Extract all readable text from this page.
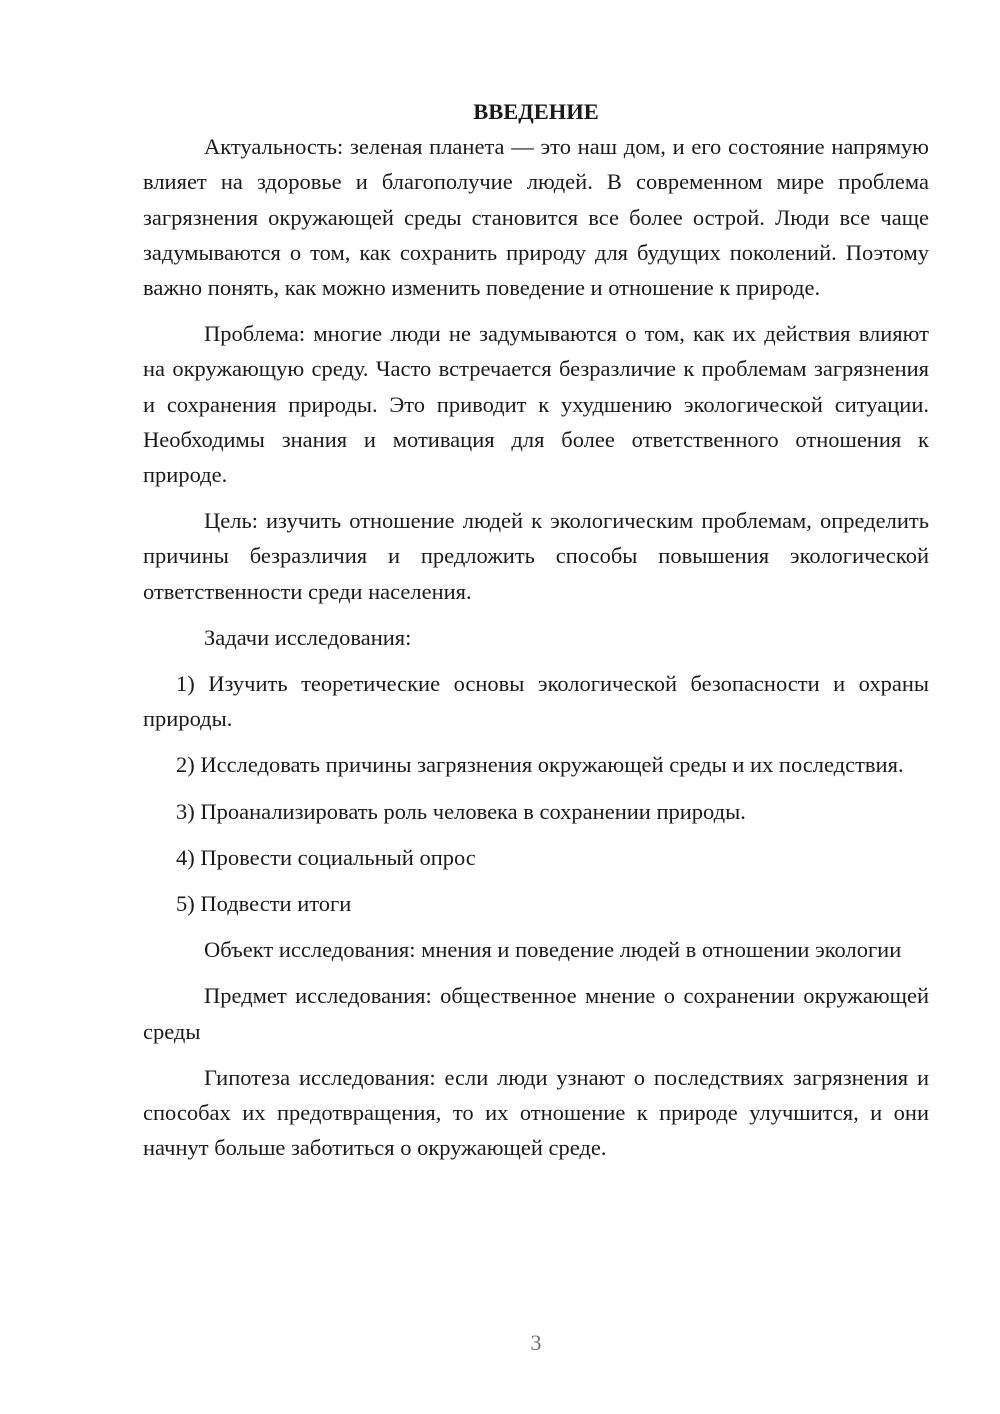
ВВЕДЕНИЕ

Актуальность: зеленая планета — это наш дом, и его состояние напрямую влияет на здоровье и благополучие людей. В современном мире проблема загрязнения окружающей среды становится все более острой. Люди все чаще задумываются о том, как сохранить природу для будущих поколений. Поэтому важно понять, как можно изменить поведение и отношение к природе.

Проблема: многие люди не задумываются о том, как их действия влияют на окружающую среду. Часто встречается безразличие к проблемам загрязнения и сохранения природы. Это приводит к ухудшению экологической ситуации. Необходимы знания и мотивация для более ответственного отношения к природе.

Цель: изучить отношение людей к экологическим проблемам, определить причины безразличия и предложить способы повышения экологической ответственности среди населения.

Задачи исследования:

1) Изучить теоретические основы экологической безопасности и охраны природы.

2) Исследовать причины загрязнения окружающей среды и их последствия.

3) Проанализировать роль человека в сохранении природы.

4) Провести социальный опрос

5) Подвести итоги

Объект исследования: мнения и поведение людей в отношении экологии

Предмет исследования: общественное мнение о сохранении окружающей среды

Гипотеза исследования: если люди узнают о последствиях загрязнения и способах их предотвращения, то их отношение к природе улучшится, и они начнут больше заботиться о окружающей среде.

3
